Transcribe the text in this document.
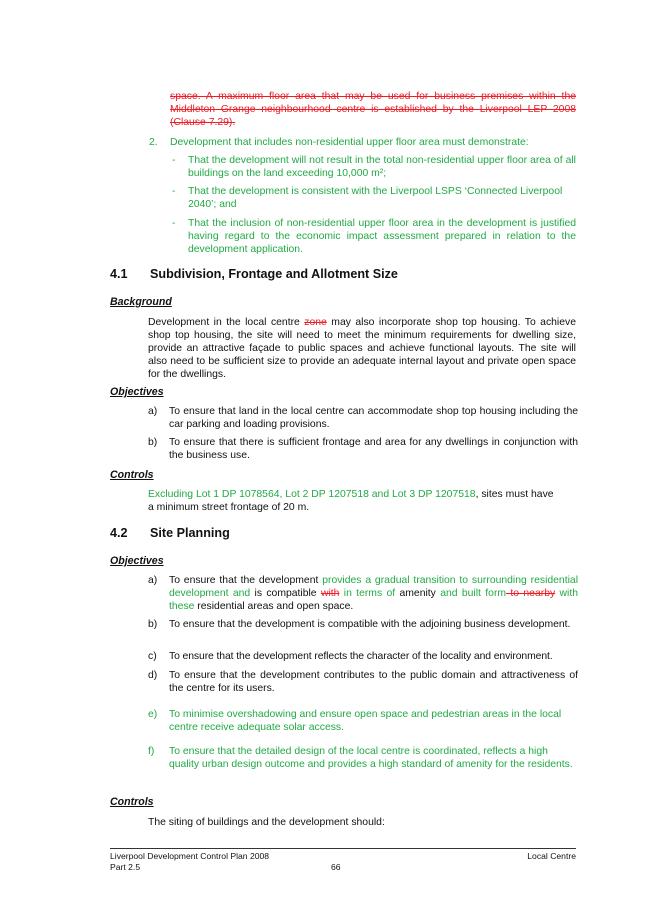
space. A maximum floor area that may be used for business premises within the Middleton Grange neighbourhood centre is established by the Liverpool LEP 2008 (Clause 7.29).
2. Development that includes non-residential upper floor area must demonstrate:
- That the development will not result in the total non-residential upper floor area of all buildings on the land exceeding 10,000 m²;
- That the development is consistent with the Liverpool LSPS ‘Connected Liverpool 2040’; and
- That the inclusion of non-residential upper floor area in the development is justified having regard to the economic impact assessment prepared in relation to the development application.
4.1 Subdivision, Frontage and Allotment Size
Background
Development in the local centre zone may also incorporate shop top housing. To achieve shop top housing, the site will need to meet the minimum requirements for dwelling size, provide an attractive façade to public spaces and achieve functional layouts. The site will also need to be sufficient size to provide an adequate internal layout and private open space for the dwellings.
Objectives
a) To ensure that land in the local centre can accommodate shop top housing including the car parking and loading provisions.
b) To ensure that there is sufficient frontage and area for any dwellings in conjunction with the business use.
Controls
Excluding Lot 1 DP 1078564, Lot 2 DP 1207518 and Lot 3 DP 1207518, sites must have a minimum street frontage of 20 m.
4.2 Site Planning
Objectives
a) To ensure that the development provides a gradual transition to surrounding residential development and is compatible with in terms of amenity and built form to nearby with these residential areas and open space.
b) To ensure that the development is compatible with the adjoining business development.
c) To ensure that the development reflects the character of the locality and environment.
d) To ensure that the development contributes to the public domain and attractiveness of the centre for its users.
e) To minimise overshadowing and ensure open space and pedestrian areas in the local centre receive adequate solar access.
f) To ensure that the detailed design of the local centre is coordinated, reflects a high quality urban design outcome and provides a high standard of amenity for the residents.
Controls
The siting of buildings and the development should:
Liverpool Development Control Plan 2008
Part 2.5	66
Local Centre
